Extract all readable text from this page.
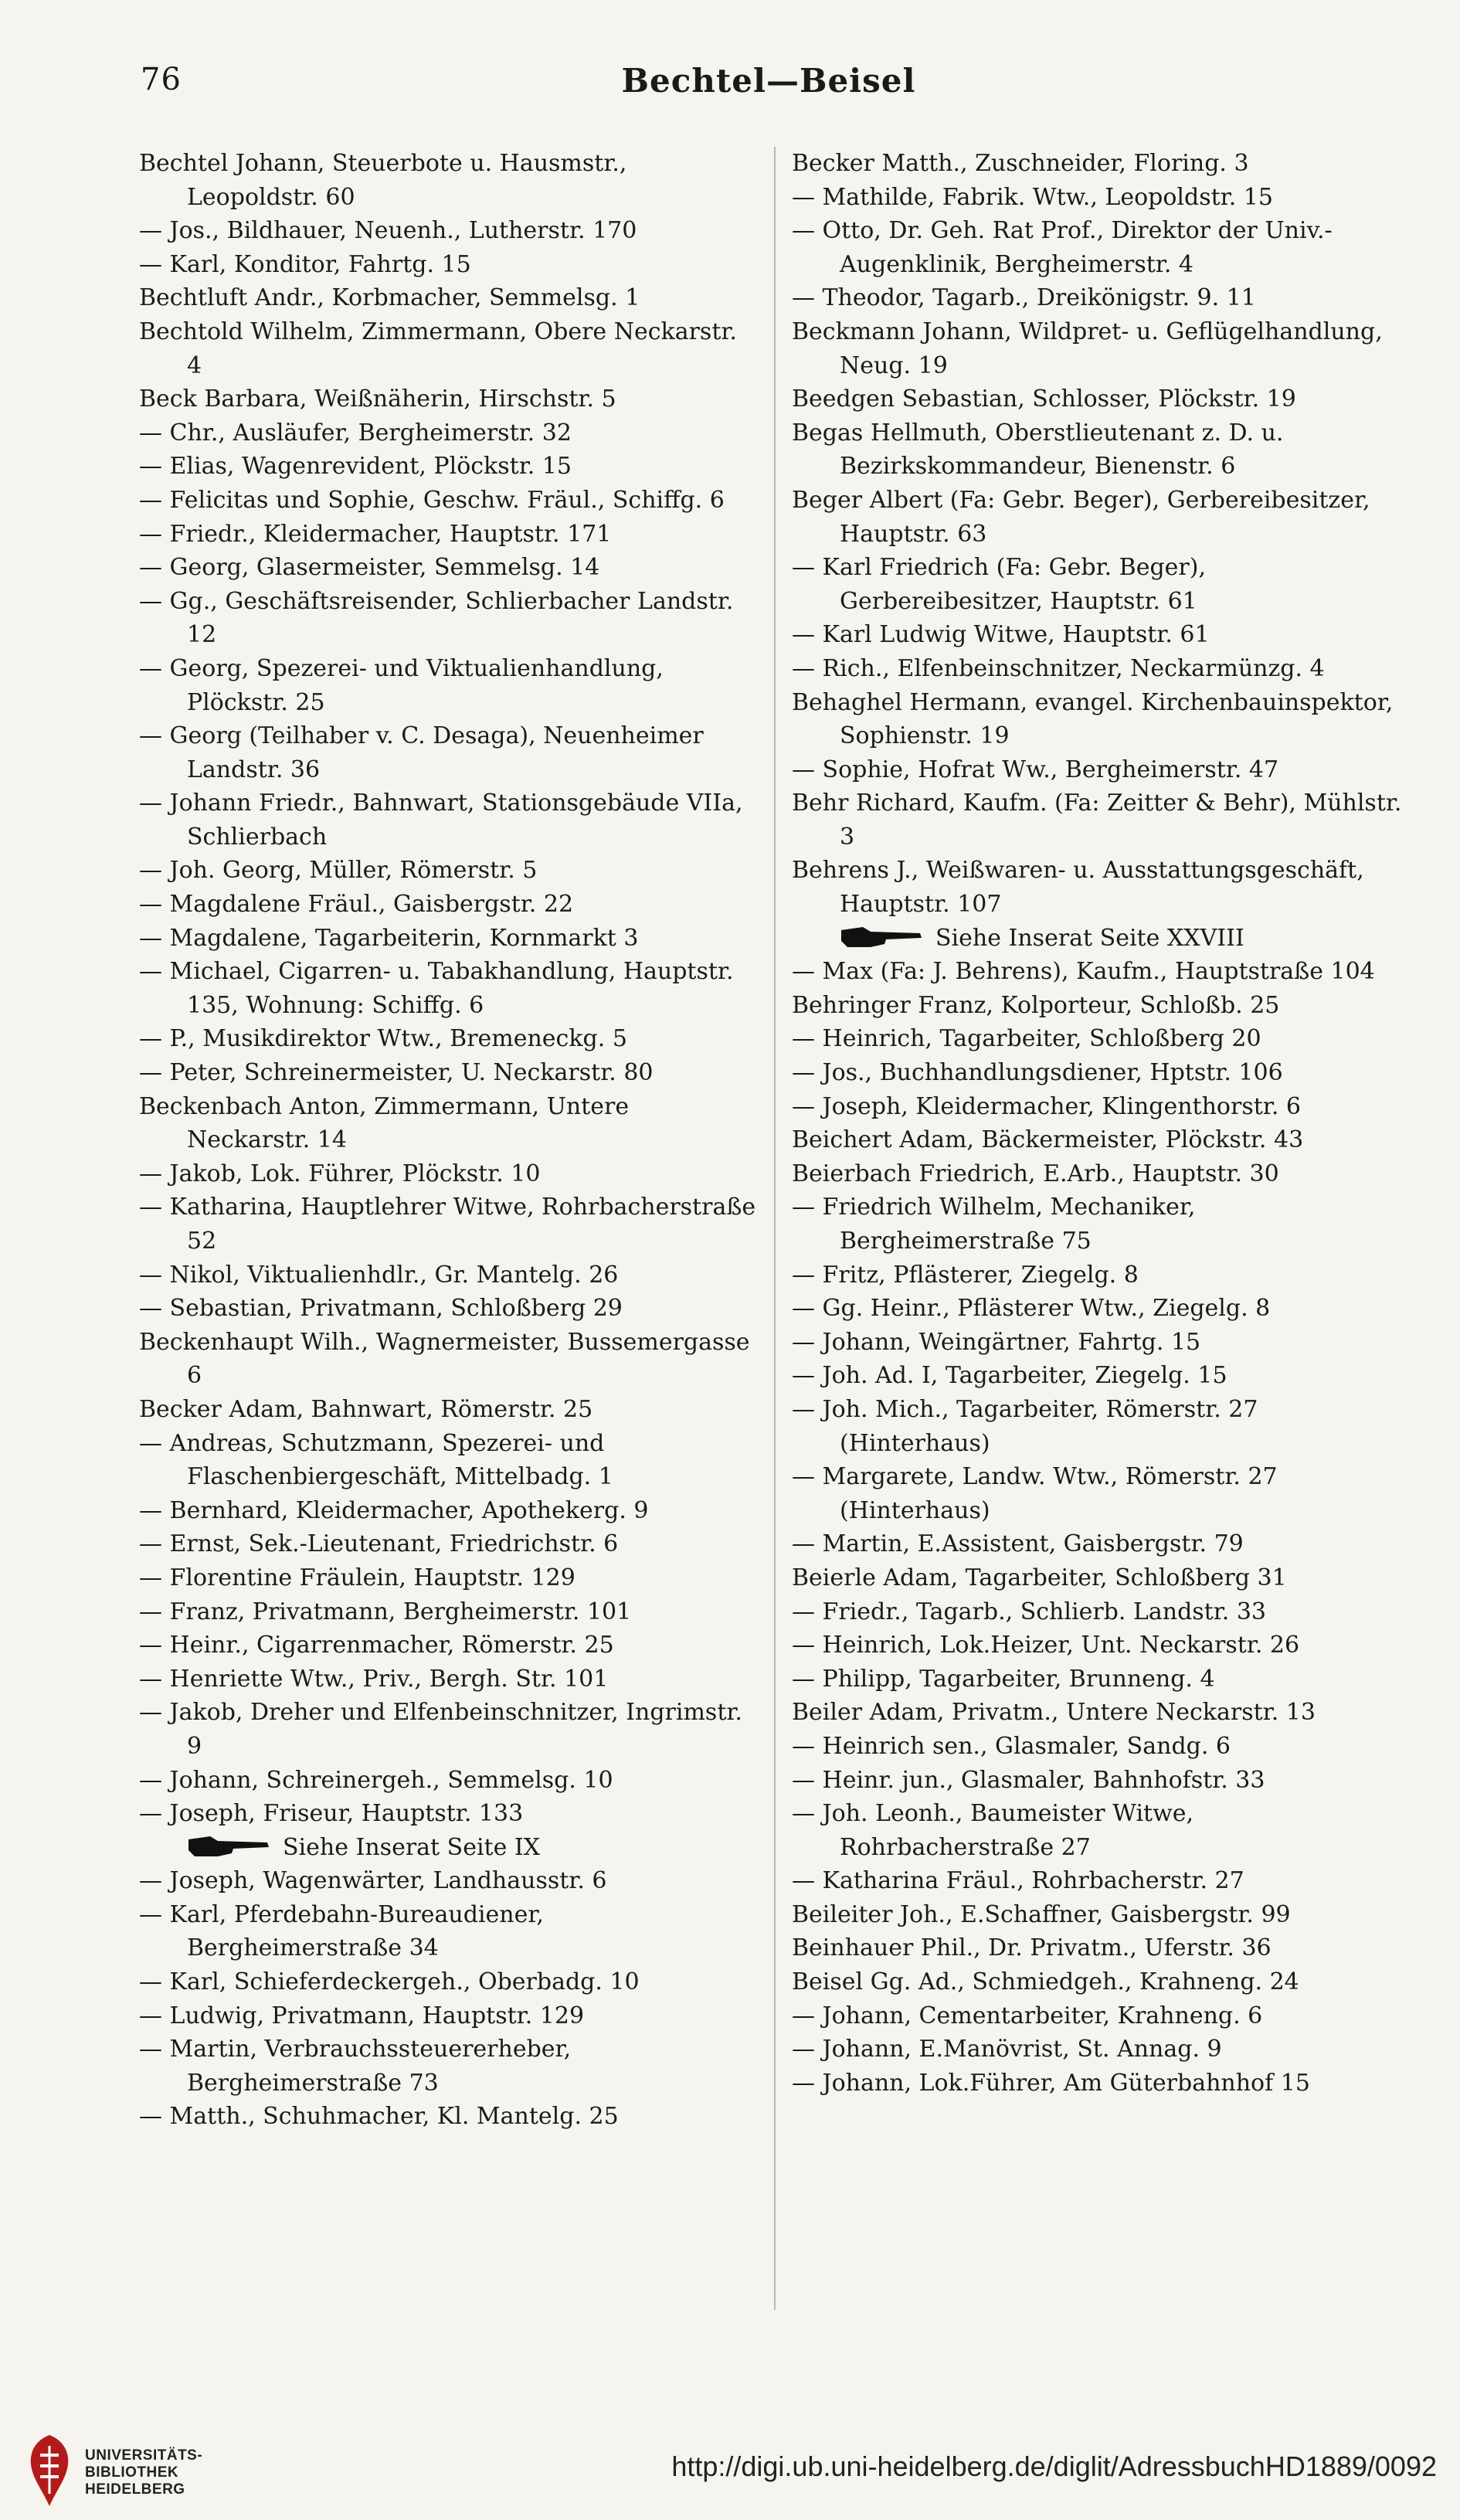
76	Bechtel—Beisel
Bechtel Johann, Steuerbote u. Hausmstr., Leopoldstr. 60
— Jos., Bildhauer, Neuenh., Lutherstr. 170
— Karl, Konditor, Fahrtg. 15
Bechtluft Andr., Korbmacher, Semmelsg. 1
Bechtold Wilhelm, Zimmermann, Obere Neckarstr. 4
Beck Barbara, Weißnäherin, Hirschstr. 5
— Chr., Ausläufer, Bergheimerstr. 32
— Elias, Wagenrevident, Plöckstr. 15
— Felicitas und Sophie, Geschw. Fräul., Schiffg. 6
— Friedr., Kleidermacher, Hauptstr. 171
— Georg, Glasermeister, Semmelsg. 14
— Gg., Geschäftsreisender, Schlierbacher Landstr. 12
— Georg, Spezerei- und Viktualienhandlung, Plöckstr. 25
— Georg (Teilhaber v. C. Desaga), Neuenheimer Landstr. 36
— Johann Friedr., Bahnwart, Stationsgebäude VIIa, Schlierbach
— Joh. Georg, Müller, Römerstr. 5
— Magdalene Fräul., Gaisbergstr. 22
— Magdalene, Tagarbeiterin, Kornmarkt 3
— Michael, Cigarren- u. Tabakhandlung, Hauptstr. 135, Wohnung: Schiffg. 6
— P., Musikdirektor Wtw., Bremeneckg. 5
— Peter, Schreinermeister, U. Neckarstr. 80
Beckenbach Anton, Zimmermann, Untere Neckarstr. 14
— Jakob, Lok. Führer, Plöckstr. 10
— Katharina, Hauptlehrer Witwe, Rohrbacherstraße 52
— Nikol, Viktualienhdlr., Gr. Mantelg. 26
— Sebastian, Privatmann, Schloßberg 29
Beckenhaupt Wilh., Wagnermeister, Bussemergasse 6
Becker Adam, Bahnwart, Römerstr. 25
— Andreas, Schutzmann, Spezerei- und Flaschenbiergeschäft, Mittelbadg. 1
— Bernhard, Kleidermacher, Apothekerg. 9
— Ernst, Sek.-Lieutenant, Friedrichstr. 6
— Florentine Fräulein, Hauptstr. 129
— Franz, Privatmann, Bergheimerstr. 101
— Heinr., Cigarrenmacher, Römerstr. 25
— Henriette Wtw., Priv., Bergh. Str. 101
— Jakob, Dreher und Elfenbeinschnitzer, Ingrimstr. 9
— Johann, Schreinergeh., Semmelsg. 10
— Joseph, Friseur, Hauptstr. 133
Siehe Inserat Seite IX
— Joseph, Wagenwärter, Landhausstr. 6
— Karl, Pferdebahn-Bureaudiener, Bergheimerstraße 34
— Karl, Schieferdeckergeh., Oberbadg. 10
— Ludwig, Privatmann, Hauptstr. 129
— Martin, Verbrauchssteuererheber, Bergheimerstraße 73
— Matth., Schuhmacher, Kl. Mantelg. 25
Becker Matth., Zuschneider, Floring. 3
— Mathilde, Fabrik. Wtw., Leopoldstr. 15
— Otto, Dr. Geh. Rat Prof., Direktor der Univ.-Augenklinik, Bergheimerstr. 4
— Theodor, Tagarb., Dreikönigstr. 9. 11
Beckmann Johann, Wildpret- u. Geflügelhandlung, Neug. 19
Beedgen Sebastian, Schlosser, Plöckstr. 19
Begas Hellmuth, Oberstlieutenant z. D. u. Bezirkskommandeur, Bienenstr. 6
Beger Albert (Fa: Gebr. Beger), Gerbereibesitzer, Hauptstr. 63
— Karl Friedrich (Fa: Gebr. Beger), Gerbereibesitzer, Hauptstr. 61
— Karl Ludwig Witwe, Hauptstr. 61
— Rich., Elfenbeinschnitzer, Neckarmünzg. 4
Behaghel Hermann, evangel. Kirchenbauinspektor, Sophienstr. 19
— Sophie, Hofrat Ww., Bergheimerstr. 47
Behr Richard, Kaufm. (Fa: Zeitter & Behr), Mühlstr. 3
Behrens J., Weißwaren- u. Ausstattungsgeschäft, Hauptstr. 107
Siehe Inserat Seite XXVIII
— Max (Fa: J. Behrens), Kaufm., Hauptstraße 104
Behringer Franz, Kolporteur, Schloßb. 25
— Heinrich, Tagarbeiter, Schloßberg 20
— Jos., Buchhandlungsdiener, Hptstr. 106
— Joseph, Kleidermacher, Klingenthorstr. 6
Beichert Adam, Bäckermeister, Plöckstr. 43
Beierbach Friedrich, E.Arb., Hauptstr. 30
— Friedrich Wilhelm, Mechaniker, Bergheimerstraße 75
— Fritz, Pflästerer, Ziegelg. 8
— Gg. Heinr., Pflästerer Wtw., Ziegelg. 8
— Johann, Weingärtner, Fahrtg. 15
— Joh. Ad. I, Tagarbeiter, Ziegelg. 15
— Joh. Mich., Tagarbeiter, Römerstr. 27 (Hinterhaus)
— Margarete, Landw. Wtw., Römerstr. 27 (Hinterhaus)
— Martin, E.Assistent, Gaisbergstr. 79
Beierle Adam, Tagarbeiter, Schloßberg 31
— Friedr., Tagarb., Schlierb. Landstr. 33
— Heinrich, Lok.Heizer, Unt. Neckarstr. 26
— Philipp, Tagarbeiter, Brunneng. 4
Beiler Adam, Privatm., Untere Neckarstr. 13
— Heinrich sen., Glasmaler, Sandg. 6
— Heinr. jun., Glasmaler, Bahnhofstr. 33
— Joh. Leonh., Baumeister Witwe, Rohrbacherstraße 27
— Katharina Fräul., Rohrbacherstr. 27
Beileiter Joh., E.Schaffner, Gaisbergstr. 99
Beinhauer Phil., Dr. Privatm., Uferstr. 36
Beisel Gg. Ad., Schmiedgeh., Krahneng. 24
— Johann, Cementarbeiter, Krahneng. 6
— Johann, E.Manövrist, St. Annag. 9
— Johann, Lok.Führer, Am Güterbahnhof 15
UNIVERSITÄTS-
BIBLIOTHEK
HEIDELBERG
http://digi.ub.uni-heidelberg.de/diglit/AdressbuchHD1889/0092
